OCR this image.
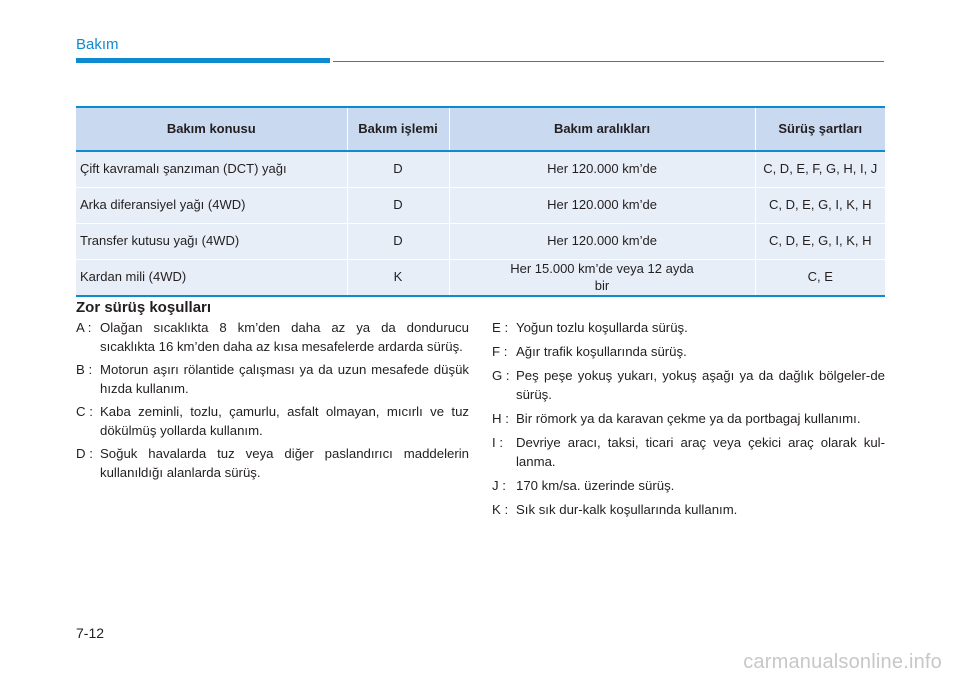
Bakım
Bakım konusu	Bakım işlemi	Bakım aralıkları	Sürüş şartları
Çift kavramalı şanzıman (DCT) yağı	D	Her 120.000 km’de	C, D, E, F, G, H, I, J
Arka diferansiyel yağı (4WD)	D	Her 120.000 km’de	C, D, E, G, I, K, H
Transfer kutusu yağı (4WD)	D	Her 120.000 km’de	C, D, E, G, I, K, H
Kardan mili (4WD)	K	Her 15.000 km’de veya 12 ayda bir	C, E
Zor sürüş koşulları
A : Olağan sıcaklıkta 8 km’den daha az ya da dondurucu sıcaklıkta 16 km’den daha az kısa mesafelerde ardarda sürüş.
B : Motorun aşırı rölantide çalışması ya da uzun mesafede düşük hızda kullanım.
C : Kaba zeminli, tozlu, çamurlu, asfalt olmayan, mıcırlı ve tuz dökülmüş yollarda kullanım.
D : Soğuk havalarda tuz veya diğer paslandırıcı maddelerin kullanıldığı alanlarda sürüş.
E : Yoğun tozlu koşullarda sürüş.
F : Ağır trafik koşullarında sürüş.
G : Peş peşe yokuş yukarı, yokuş aşağı ya da dağlık bölgeler-de sürüş.
H : Bir römork ya da karavan çekme ya da portbagaj kullanımı.
I : Devriye aracı, taksi, ticari araç veya çekici araç olarak kul-lanma.
J : 170 km/sa. üzerinde sürüş.
K : Sık sık dur-kalk koşullarında kullanım.
7-12
carmanualsonline.info
